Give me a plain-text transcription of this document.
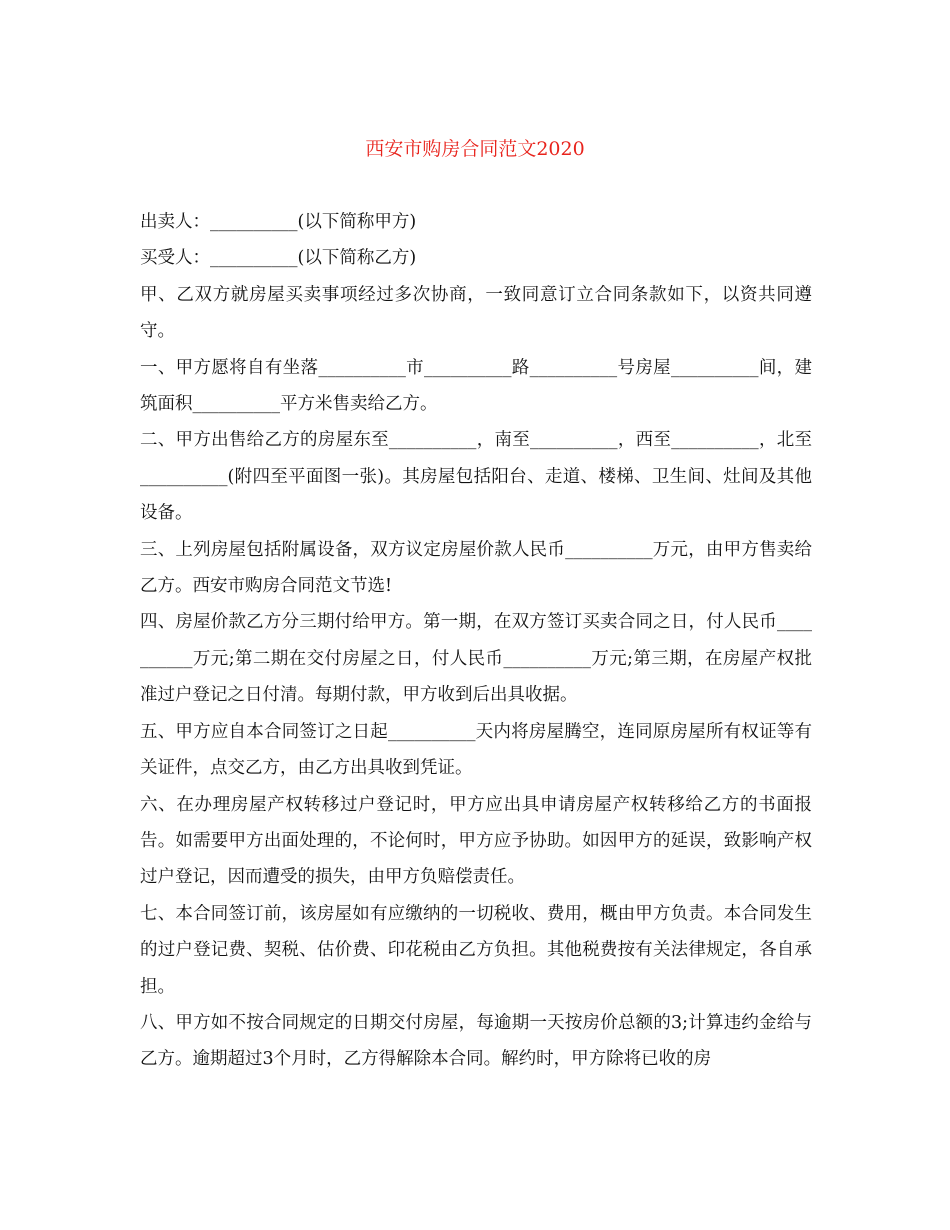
西安市购房合同范文2020

出卖人：__________(以下简称甲方)

买受人：__________(以下简称乙方)

甲、乙双方就房屋买卖事项经过多次协商，一致同意订立合同条款如下，以资共同遵守。

一、甲方愿将自有坐落__________市__________路__________号房屋__________间，建筑面积__________平方米售卖给乙方。

二、甲方出售给乙方的房屋东至__________，南至__________，西至__________，北至__________(附四至平面图一张)。其房屋包括阳台、走道、楼梯、卫生间、灶间及其他设备。

三、上列房屋包括附属设备，双方议定房屋价款人民币__________万元，由甲方售卖给乙方。西安市购房合同范文节选!

四、房屋价款乙方分三期付给甲方。第一期，在双方签订买卖合同之日，付人民币__________万元;第二期在交付房屋之日，付人民币__________万元;第三期，在房屋产权批准过户登记之日付清。每期付款，甲方收到后出具收据。

五、甲方应自本合同签订之日起__________天内将房屋腾空，连同原房屋所有权证等有关证件，点交乙方，由乙方出具收到凭证。

六、在办理房屋产权转移过户登记时，甲方应出具申请房屋产权转移给乙方的书面报告。如需要甲方出面处理的，不论何时，甲方应予协助。如因甲方的延误，致影响产权过户登记，因而遭受的损失，由甲方负赔偿责任。

七、本合同签订前，该房屋如有应缴纳的一切税收、费用，概由甲方负责。本合同发生的过户登记费、契税、估价费、印花税由乙方负担。其他税费按有关法律规定，各自承担。

八、甲方如不按合同规定的日期交付房屋，每逾期一天按房价总额的3;计算违约金给与乙方。逾期超过3个月时，乙方得解除本合同。解约时，甲方除将已收的房
